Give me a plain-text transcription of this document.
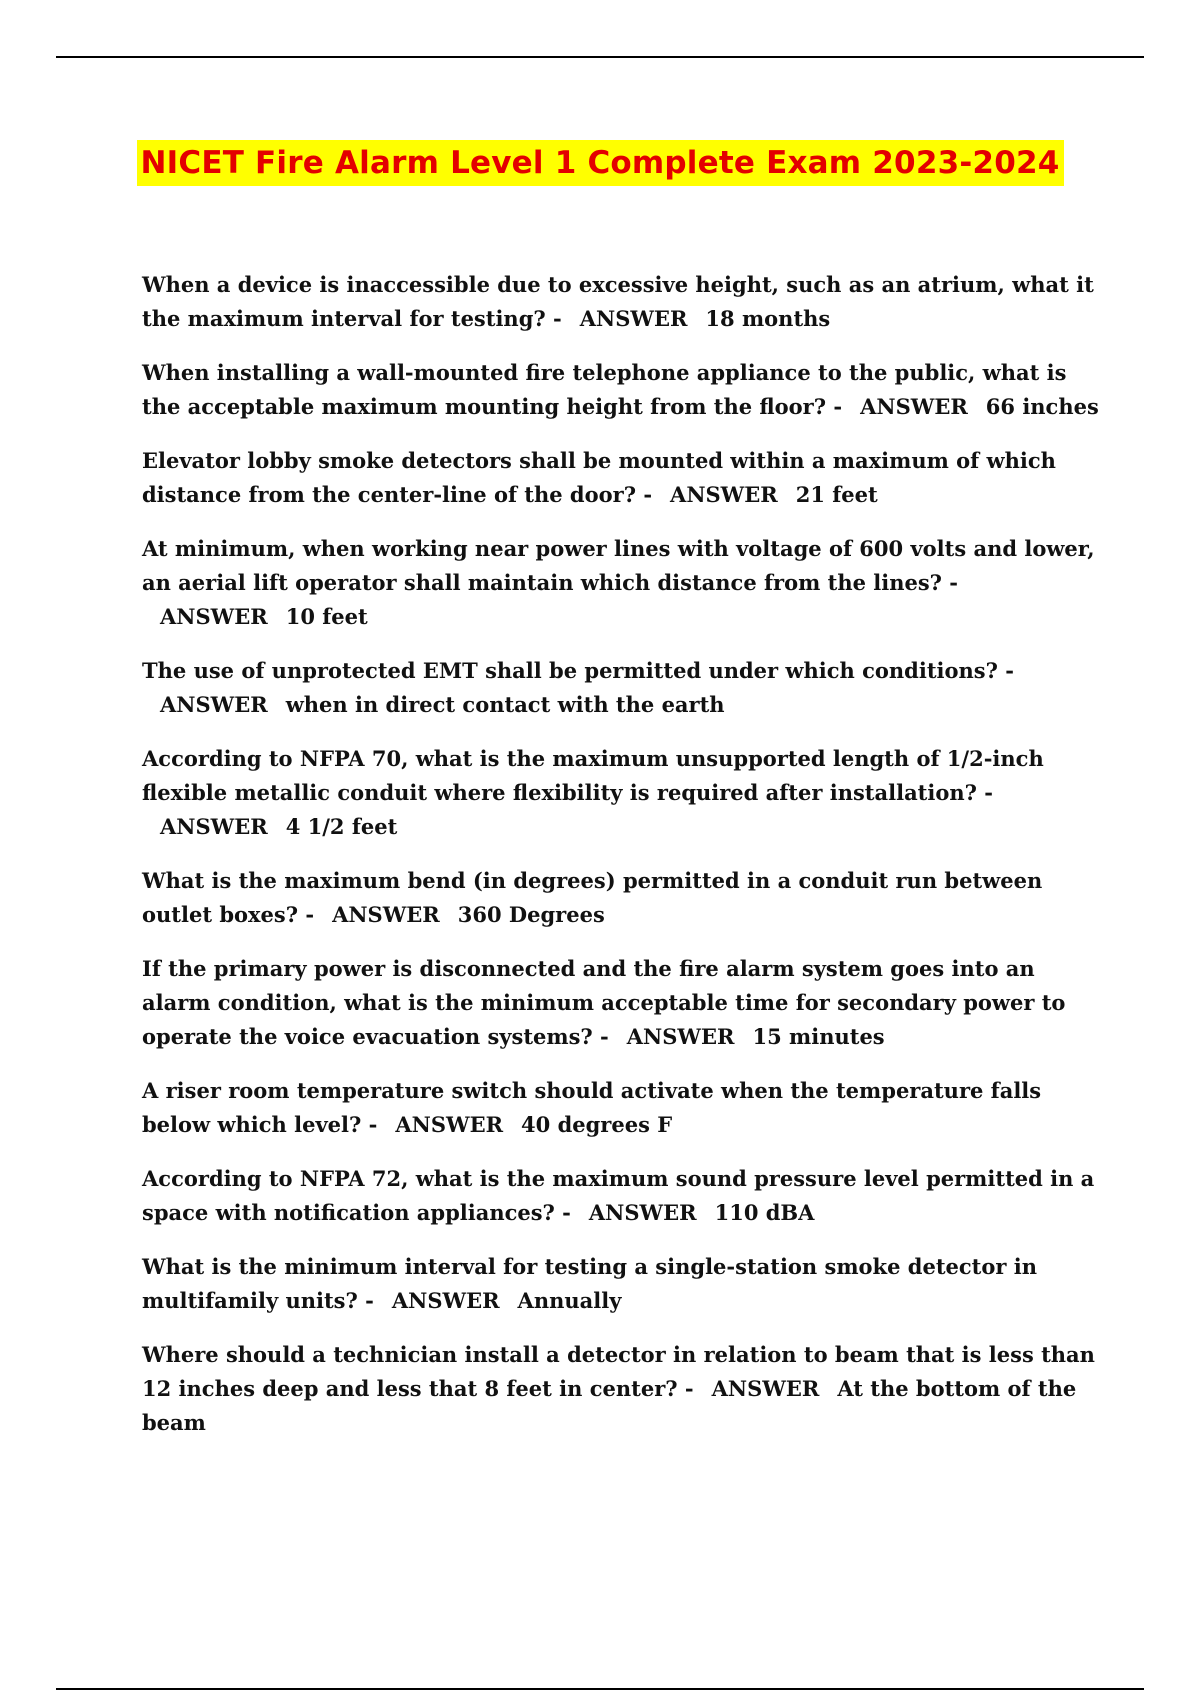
NICET Fire Alarm Level 1 Complete Exam 2023-2024
When a device is inaccessible due to excessive height, such as an atrium, what it the maximum interval for testing? - ANSWER 18 months
When installing a wall-mounted fire telephone appliance to the public, what is the acceptable maximum mounting height from the floor? - ANSWER 66 inches
Elevator lobby smoke detectors shall be mounted within a maximum of which distance from the center-line of the door? - ANSWER 21 feet
At minimum, when working near power lines with voltage of 600 volts and lower, an aerial lift operator shall maintain which distance from the lines? -ANSWER 10 feet
The use of unprotected EMT shall be permitted under which conditions? -ANSWER when in direct contact with the earth
According to NFPA 70, what is the maximum unsupported length of 1/2-inch flexible metallic conduit where flexibility is required after installation? -ANSWER 4 1/2 feet
What is the maximum bend (in degrees) permitted in a conduit run between outlet boxes? - ANSWER 360 Degrees
If the primary power is disconnected and the fire alarm system goes into an alarm condition, what is the minimum acceptable time for secondary power to operate the voice evacuation systems? - ANSWER 15 minutes
A riser room temperature switch should activate when the temperature falls below which level? - ANSWER 40 degrees F
According to NFPA 72, what is the maximum sound pressure level permitted in a space with notification appliances? - ANSWER 110 dBA
What is the minimum interval for testing a single-station smoke detector in multifamily units? - ANSWER Annually
Where should a technician install a detector in relation to beam that is less than 12 inches deep and less that 8 feet in center? - ANSWER At the bottom of the beam
